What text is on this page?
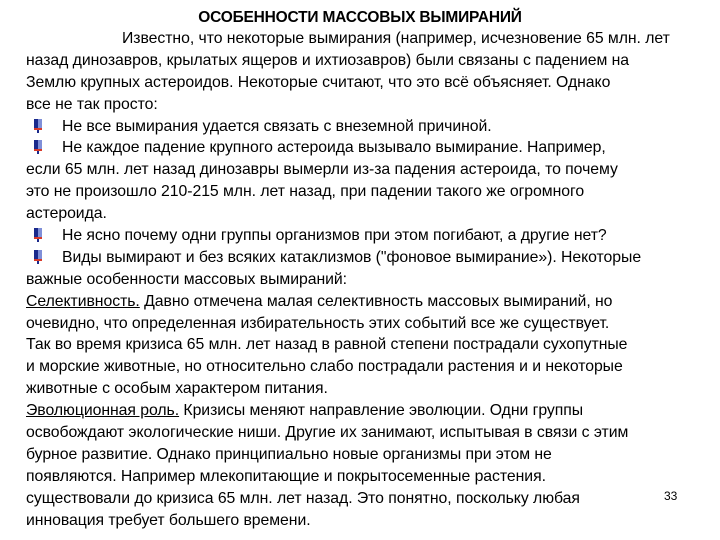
ОСОБЕННОСТИ МАССОВЫХ ВЫМИРАНИЙ
Известно, что некоторые вымирания (например, исчезновение 65 млн. лет
назад динозавров, крылатых ящеров и ихтиозавров) были связаны с падением на
Землю крупных астероидов. Некоторые считают, что это всё объясняет. Однако
все не так просто:
Не все вымирания удается связать с внеземной причиной.
Не каждое падение крупного астероида вызывало вымирание. Например,
если 65 млн. лет назад динозавры вымерли из-за падения астероида, то почему
это не произошло 210-215 млн. лет назад, при падении такого же огромного
астероида.
Не ясно почему одни группы организмов при этом погибают, а другие нет?
Виды вымирают и без всяких катаклизмов ("фоновое вымирание»). Некоторые
важные особенности массовых вымираний:
Селективность. Давно отмечена малая селективность массовых вымираний, но
очевидно, что определенная избирательность этих событий все же существует.
Так во время кризиса 65 млн. лет назад в равной степени пострадали сухопутные
и морские животные, но относительно слабо пострадали растения и и некоторые
животные с особым характером питания.
Эволюционная роль. Кризисы меняют направление эволюции. Одни группы
освобождают экологические ниши. Другие их занимают, испытывая в связи с этим
бурное развитие. Однако принципиально новые организмы при этом не
появляются. Например млекопитающие и покрытосеменные растения.
существовали до кризиса 65 млн. лет назад. Это понятно, поскольку любая
инновация требует большего времени.
33
